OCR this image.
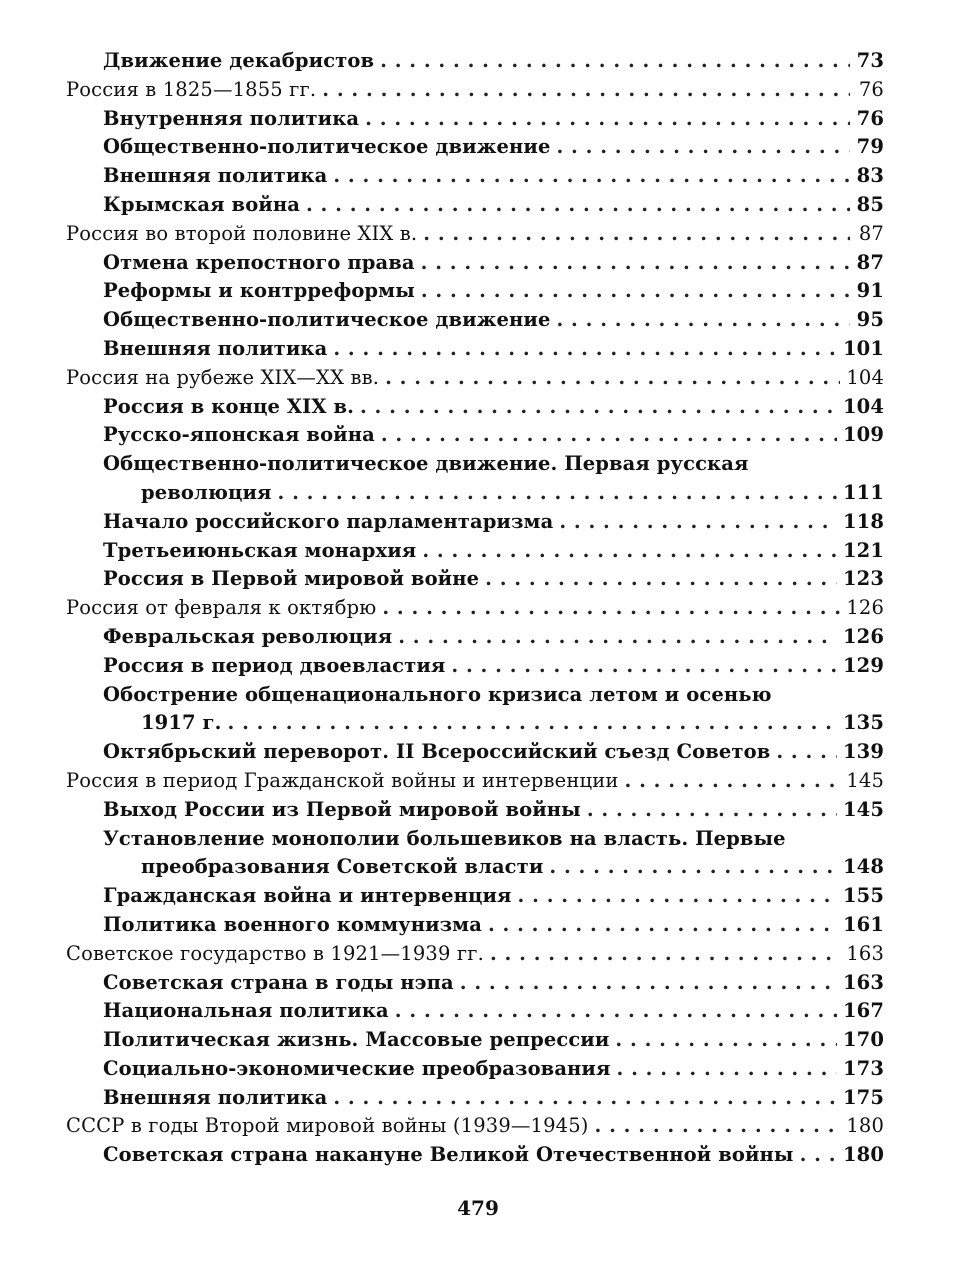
Движение декабристов . . .	73
Россия в 1825—1855 гг. . . .	76
Внутренняя политика . . .	76
Общественно-политическое движение . . .	79
Внешняя политика . . .	83
Крымская война . . .	85
Россия во второй половине XIX в. . . .	87
Отмена крепостного права . . .	87
Реформы и контрреформы . . .	91
Общественно-политическое движение . . .	95
Внешняя политика . . .	101
Россия на рубеже XIX—XX вв. . . .	104
Россия в конце XIX в. . . .	104
Русско-японская война . . .	109
Общественно-политическое движение. Первая русская
революция . . .	111
Начало российского парламентаризма . . .	118
Третьеиюньская монархия . . .	121
Россия в Первой мировой войне . . .	123
Россия от февраля к октябрю . . .	126
Февральская революция . . .	126
Россия в период двоевластия . . .	129
Обострение общенационального кризиса летом и осенью
1917 г. . . .	135
Октябрьский переворот. II Всероссийский съезд Советов . . .	139
Россия в период Гражданской войны и интервенции . . .	145
Выход России из Первой мировой войны . . .	145
Установление монополии большевиков на власть. Первые
преобразования Советской власти . . .	148
Гражданская война и интервенция . . .	155
Политика военного коммунизма . . .	161
Советское государство в 1921—1939 гг. . . .	163
Советская страна в годы нэпа . . .	163
Национальная политика . . .	167
Политическая жизнь. Массовые репрессии . . .	170
Социально-экономические преобразования . . .	173
Внешняя политика . . .	175
СССР в годы Второй мировой войны (1939—1945) . . .	180
Советская страна накануне Великой Отечественной войны . . .	180
479
